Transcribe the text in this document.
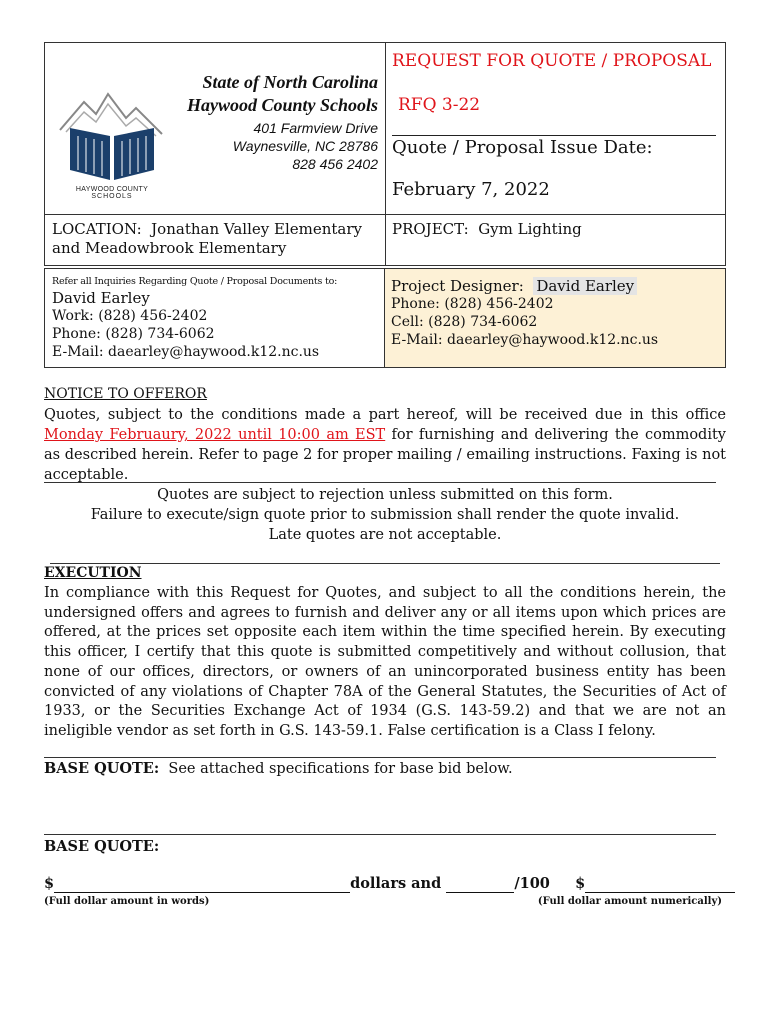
HAYWOOD COUNTY
SCHOOLS
State of North Carolina
Haywood County Schools
401 Farmview Drive
Waynesville, NC 28786
828 456 2402
REQUEST FOR QUOTE / PROPOSAL
RFQ 3-22
Quote / Proposal Issue Date:
February 7, 2022
LOCATION: Jonathan Valley Elementary
and Meadowbrook Elementary
PROJECT: Gym Lighting
Refer all Inquiries Regarding Quote / Proposal Documents to:
David Earley
Work: (828) 456-2402
Phone: (828) 734-6062
E-Mail: daearley@haywood.k12.nc.us
Project Designer: David Earley
Phone: (828) 456-2402
Cell: (828) 734-6062
E-Mail: daearley@haywood.k12.nc.us
NOTICE TO OFFEROR
Quotes, subject to the conditions made a part hereof, will be received due in this office Monday Februaury, 2022 until 10:00 am EST for furnishing and delivering the commodity as described herein. Refer to page 2 for proper mailing / emailing instructions. Faxing is not acceptable.
Quotes are subject to rejection unless submitted on this form.
Failure to execute/sign quote prior to submission shall render the quote invalid.
Late quotes are not acceptable.
EXECUTION
In compliance with this Request for Quotes, and subject to all the conditions herein, the undersigned offers and agrees to furnish and deliver any or all items upon which prices are offered, at the prices set opposite each item within the time specified herein. By executing this officer, I certify that this quote is submitted competitively and without collusion, that none of our offices, directors, or owners of an unincorporated business entity has been convicted of any violations of Chapter 78A of the General Statutes, the Securities of Act of 1933, or the Securities Exchange Act of 1934 (G.S. 143-59.2) and that we are not an ineligible vendor as set forth in G.S. 143-59.1. False certification is a Class I felony.
BASE QUOTE: See attached specifications for base bid below.
BASE QUOTE:
$	dollars and	/100 $
(Full dollar amount in words)	(Full dollar amount numerically)
